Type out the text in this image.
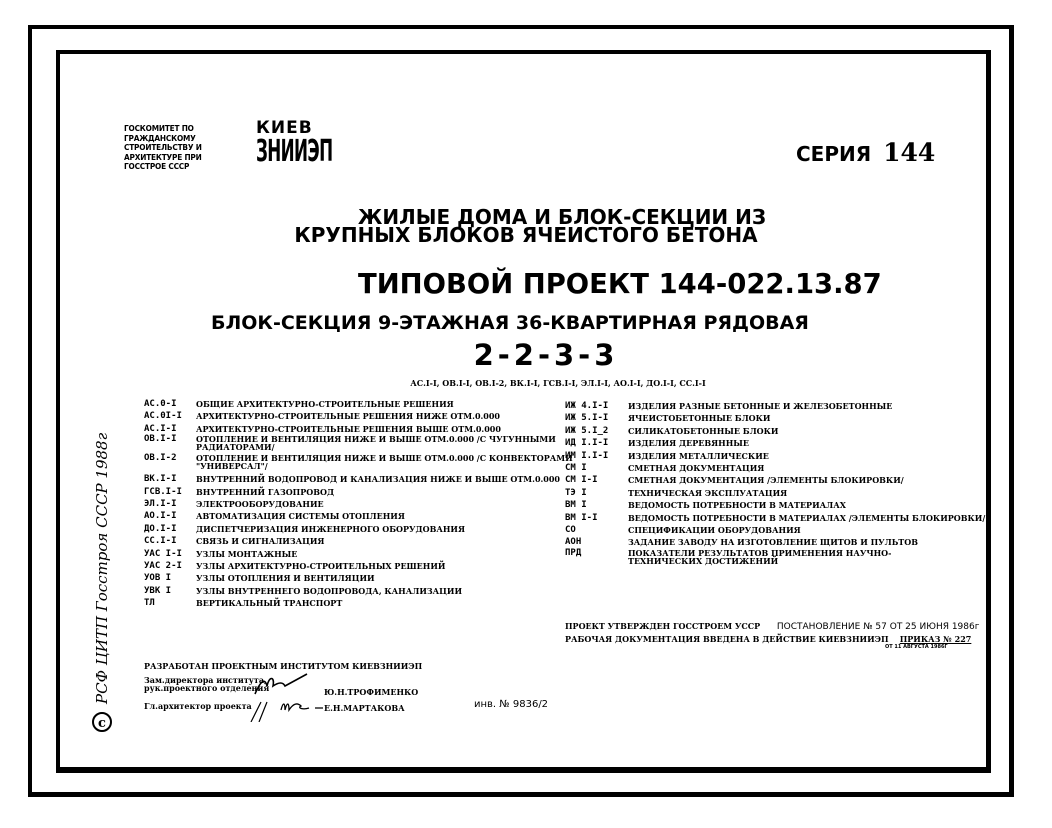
ГОСКОМИТЕТ ПО
ГРАЖДАНСКОМУ
СТРОИТЕЛЬСТВУ И
АРХИТЕКТУРЕ ПРИ
ГОССТРОЕ СССР
КИЕВ
ЗНИИЭП	СЕРИЯ 144
ЖИЛЫЕ ДОМА И БЛОК-СЕКЦИИ ИЗ
КРУПНЫХ БЛОКОВ ЯЧЕИСТОГО БЕТОНА
ТИПОВОЙ ПРОЕКТ 144-022.13.87
БЛОК-СЕКЦИЯ 9-ЭТАЖНАЯ 36-КВАРТИРНАЯ РЯДОВАЯ
2-2-3-3
АС.I-I, ОВ.I-I, ОВ.I-2, ВК.I-I, ГСВ.I-I, ЭЛ.I-I, АО.I-I, ДО.I-I, СС.I-I
АС.0-I	ОБЩИЕ АРХИТЕКТУРНО-СТРОИТЕЛЬНЫЕ РЕШЕНИЯ
АС.0I-I	АРХИТЕКТУРНО-СТРОИТЕЛЬНЫЕ РЕШЕНИЯ НИЖЕ ОТМ.0.000
АС.I-I	АРХИТЕКТУРНО-СТРОИТЕЛЬНЫЕ РЕШЕНИЯ ВЫШЕ ОТМ.0.000
ОВ.I-I	ОТОПЛЕНИЕ И ВЕНТИЛЯЦИЯ НИЖЕ И ВЫШЕ ОТМ.0.000 /С ЧУГУННЫМИ
РАДИАТОРАМИ/
ОВ.I-2	ОТОПЛЕНИЕ И ВЕНТИЛЯЦИЯ НИЖЕ И ВЫШЕ ОТМ.0.000 /С КОНВЕКТОРАМИ
"УНИВЕРСАЛ"/
ВК.I-I	ВНУТРЕННИЙ ВОДОПРОВОД И КАНАЛИЗАЦИЯ НИЖЕ И ВЫШЕ ОТМ.0.000
ГСВ.I-I	ВНУТРЕННИЙ ГАЗОПРОВОД
ЭЛ.I-I	ЭЛЕКТРООБОРУДОВАНИЕ
АО.I-I	АВТОМАТИЗАЦИЯ СИСТЕМЫ ОТОПЛЕНИЯ
ДО.I-I	ДИСПЕТЧЕРИЗАЦИЯ ИНЖЕНЕРНОГО ОБОРУДОВАНИЯ
СС.I-I	СВЯЗЬ И СИГНАЛИЗАЦИЯ
УАС I-I	УЗЛЫ МОНТАЖНЫЕ
УАС 2-I	УЗЛЫ АРХИТЕКТУРНО-СТРОИТЕЛЬНЫХ РЕШЕНИЙ
УОВ I	УЗЛЫ ОТОПЛЕНИЯ И ВЕНТИЛЯЦИИ
УВК I	УЗЛЫ ВНУТРЕННЕГО ВОДОПРОВОДА, КАНАЛИЗАЦИИ
ТЛ	ВЕРТИКАЛЬНЫЙ ТРАНСПОРТ
ИЖ 4.I-I	ИЗДЕЛИЯ РАЗНЫЕ БЕТОННЫЕ И ЖЕЛЕЗОБЕТОННЫЕ
ИЖ 5.I-I	ЯЧЕИСТОБЕТОННЫЕ БЛОКИ
ИЖ 5.I_2	СИЛИКАТОБЕТОННЫЕ БЛОКИ
ИД I.I-I	ИЗДЕЛИЯ ДЕРЕВЯННЫЕ
ИМ I.I-I	ИЗДЕЛИЯ МЕТАЛЛИЧЕСКИЕ
СМ I	СМЕТНАЯ ДОКУМЕНТАЦИЯ
СМ I-I	СМЕТНАЯ ДОКУМЕНТАЦИЯ /ЭЛЕМЕНТЫ БЛОКИРОВКИ/
ТЭ I	ТЕХНИЧЕСКАЯ ЭКСПЛУАТАЦИЯ
ВМ I	ВЕДОМОСТЬ ПОТРЕБНОСТИ В МАТЕРИАЛАХ
ВМ I-I	ВЕДОМОСТЬ ПОТРЕБНОСТИ В МАТЕРИАЛАХ /ЭЛЕМЕНТЫ БЛОКИРОВКИ/
СО	СПЕЦИФИКАЦИИ ОБОРУДОВАНИЯ
АОН	ЗАДАНИЕ ЗАВОДУ НА ИЗГОТОВЛЕНИЕ ЩИТОВ И ПУЛЬТОВ
ПРД	ПОКАЗАТЕЛИ РЕЗУЛЬТАТОВ ПРИМЕНЕНИЯ НАУЧНО-
ТЕХНИЧЕСКИХ ДОСТИЖЕНИЙ
ПРОЕКТ УТВЕРЖДЕН ГОССТРОЕМ УССР ПОСТАНОВЛЕНИЕ № 57 ОТ 25 ИЮНЯ 1986г
РАБОЧАЯ ДОКУМЕНТАЦИЯ ВВЕДЕНА В ДЕЙСТВИЕ КИЕВЗНИИЭП ПРИКАЗ № 227
ОТ 11 АВГУСТА 1986Г
РАЗРАБОТАН ПРОЕКТНЫМ ИНСТИТУТОМ КИЕВЗНИИЭП
Зам.директора института,
рук.проектного отделения
Гл.архитектор проекта
Ю.Н.ТРОФИМЕНКО
Е.Н.МАРТАКОВА	инв. № 9836/2
c
РСФ ЦИТП Госстроя СССР 1988г
